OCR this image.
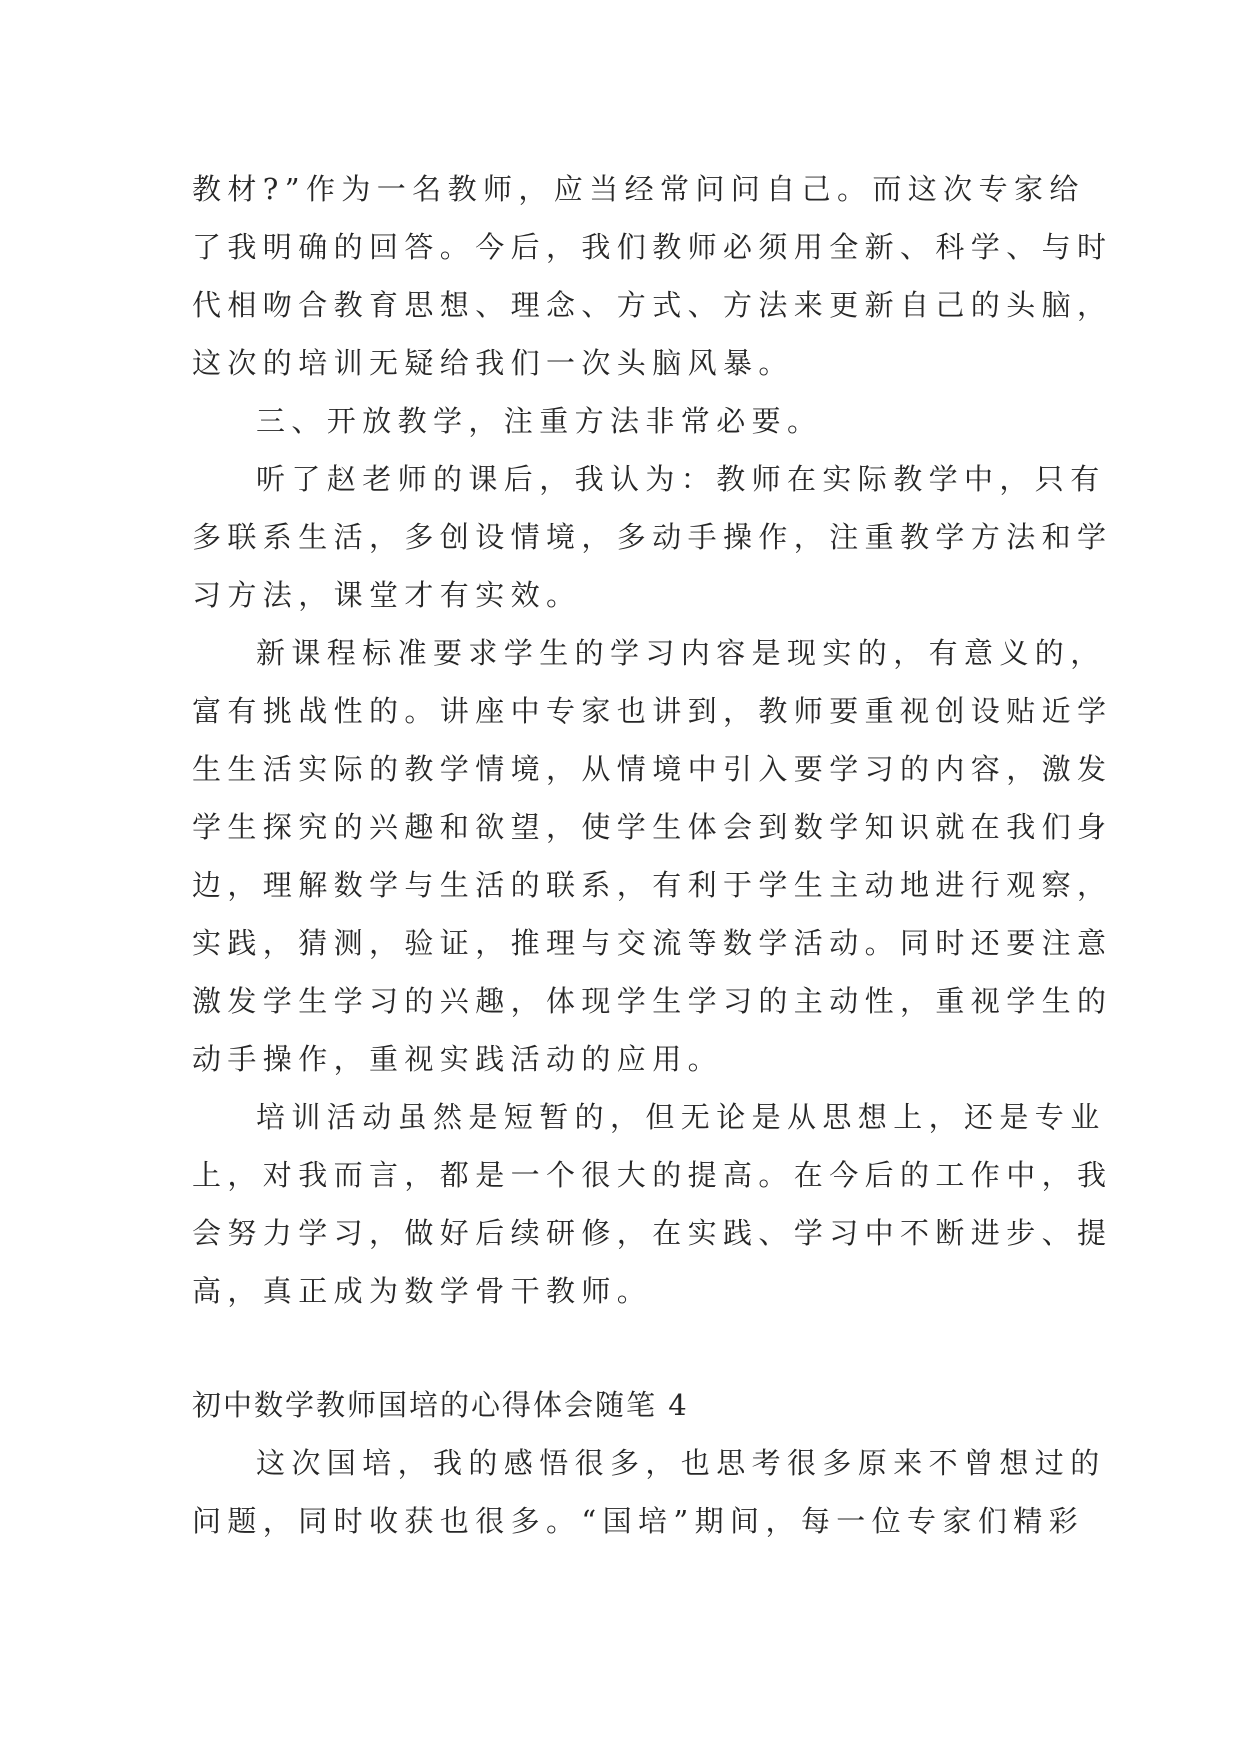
教材?”作为一名教师，应当经常问问自己。而这次专家给
了我明确的回答。今后，我们教师必须用全新、科学、与时
代相吻合教育思想、理念、方式、方法来更新自己的头脑，
这次的培训无疑给我们一次头脑风暴。
三、开放教学，注重方法非常必要。
听了赵老师的课后，我认为：教师在实际教学中，只有
多联系生活，多创设情境，多动手操作，注重教学方法和学
习方法，课堂才有实效。
新课程标准要求学生的学习内容是现实的，有意义的，
富有挑战性的。讲座中专家也讲到，教师要重视创设贴近学
生生活实际的教学情境，从情境中引入要学习的内容，激发
学生探究的兴趣和欲望，使学生体会到数学知识就在我们身
边，理解数学与生活的联系，有利于学生主动地进行观察，
实践，猜测，验证，推理与交流等数学活动。同时还要注意
激发学生学习的兴趣，体现学生学习的主动性，重视学生的
动手操作，重视实践活动的应用。
培训活动虽然是短暂的，但无论是从思想上，还是专业
上，对我而言，都是一个很大的提高。在今后的工作中，我
会努力学习，做好后续研修，在实践、学习中不断进步、提
高，真正成为数学骨干教师。
初中数学教师国培的心得体会随笔 4
这次国培，我的感悟很多，也思考很多原来不曾想过的
问题，同时收获也很多。“国培”期间，每一位专家们精彩
